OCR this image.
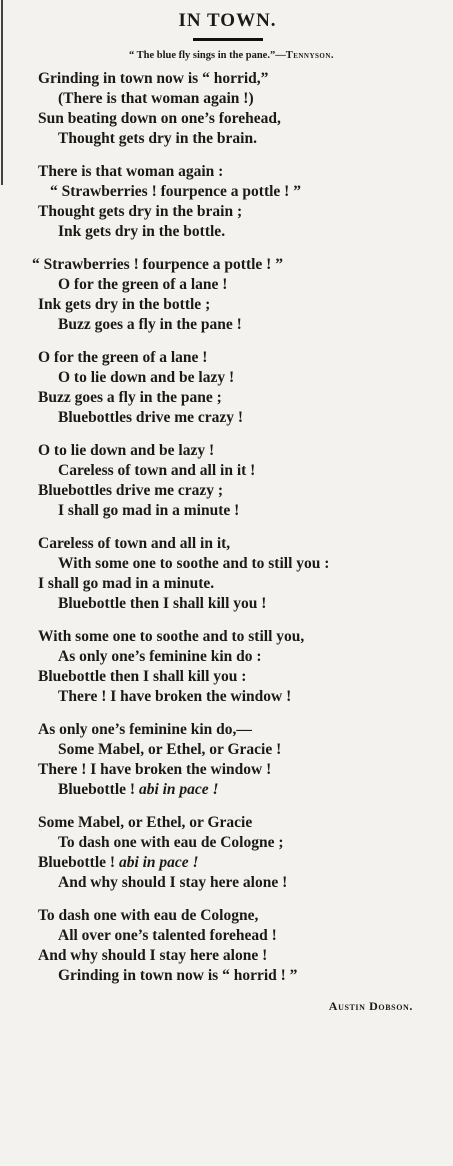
IN TOWN.
“ The blue fly sings in the pane.”—Tennyson.
Grinding in town now is “ horrid,”
(There is that woman again !)
Sun beating down on one’s forehead,
Thought gets dry in the brain.
There is that woman again :
“ Strawberries ! fourpence a pottle ! ”
Thought gets dry in the brain ;
Ink gets dry in the bottle.
“ Strawberries ! fourpence a pottle ! ”
O for the green of a lane !
Ink gets dry in the bottle ;
Buzz goes a fly in the pane !
O for the green of a lane !
O to lie down and be lazy !
Buzz goes a fly in the pane ;
Bluebottles drive me crazy !
O to lie down and be lazy !
Careless of town and all in it !
Bluebottles drive me crazy ;
I shall go mad in a minute !
Careless of town and all in it,
With some one to soothe and to still you :
I shall go mad in a minute.
Bluebottle then I shall kill you !
With some one to soothe and to still you,
As only one’s feminine kin do :
Bluebottle then I shall kill you :
There ! I have broken the window !
As only one’s feminine kin do,—
Some Mabel, or Ethel, or Gracie !
There ! I have broken the window !
Bluebottle ! abi in pace !
Some Mabel, or Ethel, or Gracie
To dash one with eau de Cologne ;
Bluebottle ! abi in pace !
And why should I stay here alone !
To dash one with eau de Cologne,
All over one’s talented forehead !
And why should I stay here alone !
Grinding in town now is “ horrid ! ”
Austin Dobson.
